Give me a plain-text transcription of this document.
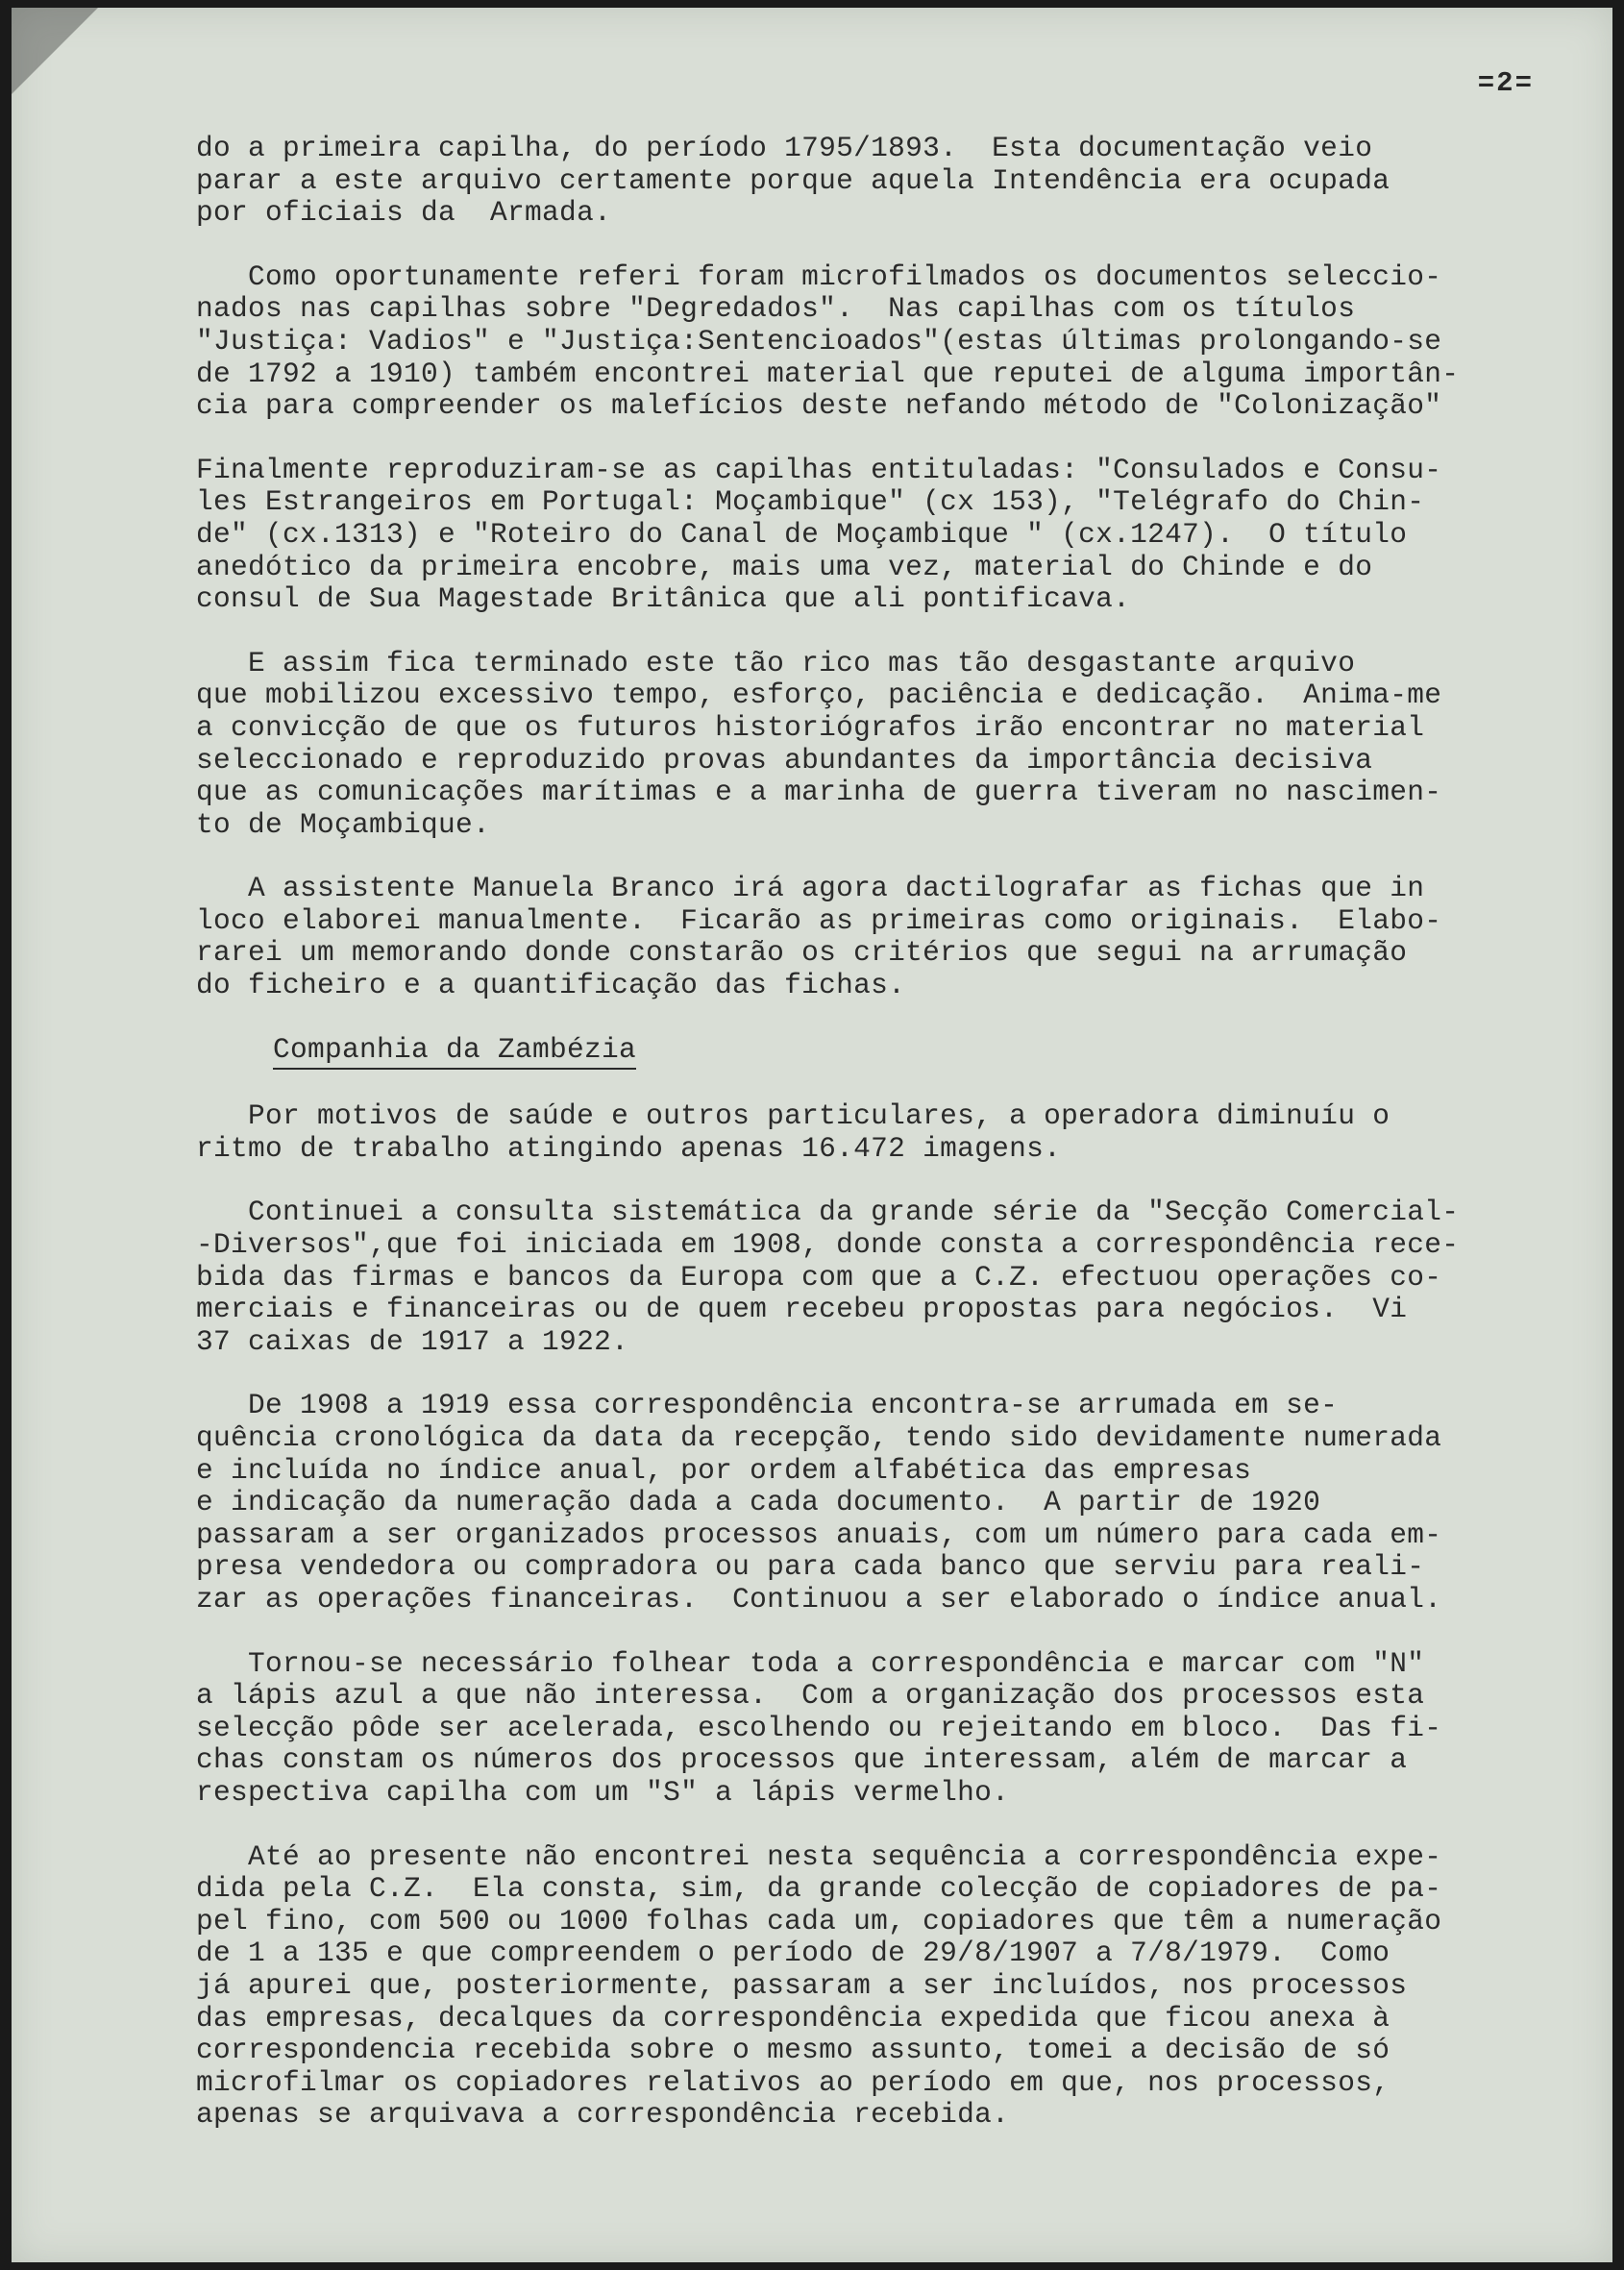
=2=
do a primeira capilha, do período 1795/1893.  Esta documentação veio
parar a este arquivo certamente porque aquela Intendência era ocupada
por oficiais da  Armada.
Como oportunamente referi foram microfilmados os documentos seleccio-
nados nas capilhas sobre "Degredados".  Nas capilhas com os títulos
"Justiça: Vadios" e "Justiça:Sentencioados"(estas últimas prolongando-se
de 1792 a 1910) também encontrei material que reputei de alguma importân-
cia para compreender os malefícios deste nefando método de "Colonização"
Finalmente reproduziram-se as capilhas entituladas: "Consulados e Consu-
les Estrangeiros em Portugal: Moçambique" (cx 153), "Telégrafo do Chin-
de" (cx.1313) e "Roteiro do Canal de Moçambique " (cx.1247).  O título
anedótico da primeira encobre, mais uma vez, material do Chinde e do
consul de Sua Magestade Britânica que ali pontificava.
E assim fica terminado este tão rico mas tão desgastante arquivo
que mobilizou excessivo tempo, esforço, paciência e dedicação.  Anima-me
a convicção de que os futuros historiógrafos irão encontrar no material
seleccionado e reproduzido provas abundantes da importância decisiva
que as comunicações marítimas e a marinha de guerra tiveram no nascimen-
to de Moçambique.
A assistente Manuela Branco irá agora dactilografar as fichas que in
loco elaborei manualmente.  Ficarão as primeiras como originais.  Elabo-
rarei um memorando donde constarão os critérios que segui na arrumação
do ficheiro e a quantificação das fichas.
Companhia da Zambézia
Por motivos de saúde e outros particulares, a operadora diminuíu o
ritmo de trabalho atingindo apenas 16.472 imagens.
Continuei a consulta sistemática da grande série da "Secção Comercial-
-Diversos",que foi iniciada em 1908, donde consta a correspondência rece-
bida das firmas e bancos da Europa com que a C.Z. efectuou operações co-
merciais e financeiras ou de quem recebeu propostas para negócios.  Vi
37 caixas de 1917 a 1922.
De 1908 a 1919 essa correspondência encontra-se arrumada em se-
quência cronológica da data da recepção, tendo sido devidamente numerada
e incluída no índice anual, por ordem alfabética das empresas
e indicação da numeração dada a cada documento.  A partir de 1920
passaram a ser organizados processos anuais, com um número para cada em-
presa vendedora ou compradora ou para cada banco que serviu para reali-
zar as operações financeiras.  Continuou a ser elaborado o índice anual.
Tornou-se necessário folhear toda a correspondência e marcar com "N"
a lápis azul a que não interessa.  Com a organização dos processos esta
selecção pôde ser acelerada, escolhendo ou rejeitando em bloco.  Das fi-
chas constam os números dos processos que interessam, além de marcar a
respectiva capilha com um "S" a lápis vermelho.
Até ao presente não encontrei nesta sequência a correspondência expe-
dida pela C.Z.  Ela consta, sim, da grande colecção de copiadores de pa-
pel fino, com 500 ou 1000 folhas cada um, copiadores que têm a numeração
de 1 a 135 e que compreendem o período de 29/8/1907 a 7/8/1979.  Como
já apurei que, posteriormente, passaram a ser incluídos, nos processos
das empresas, decalques da correspondência expedida que ficou anexa à
correspondencia recebida sobre o mesmo assunto, tomei a decisão de só
microfilmar os copiadores relativos ao período em que, nos processos,
apenas se arquivava a correspondência recebida.
